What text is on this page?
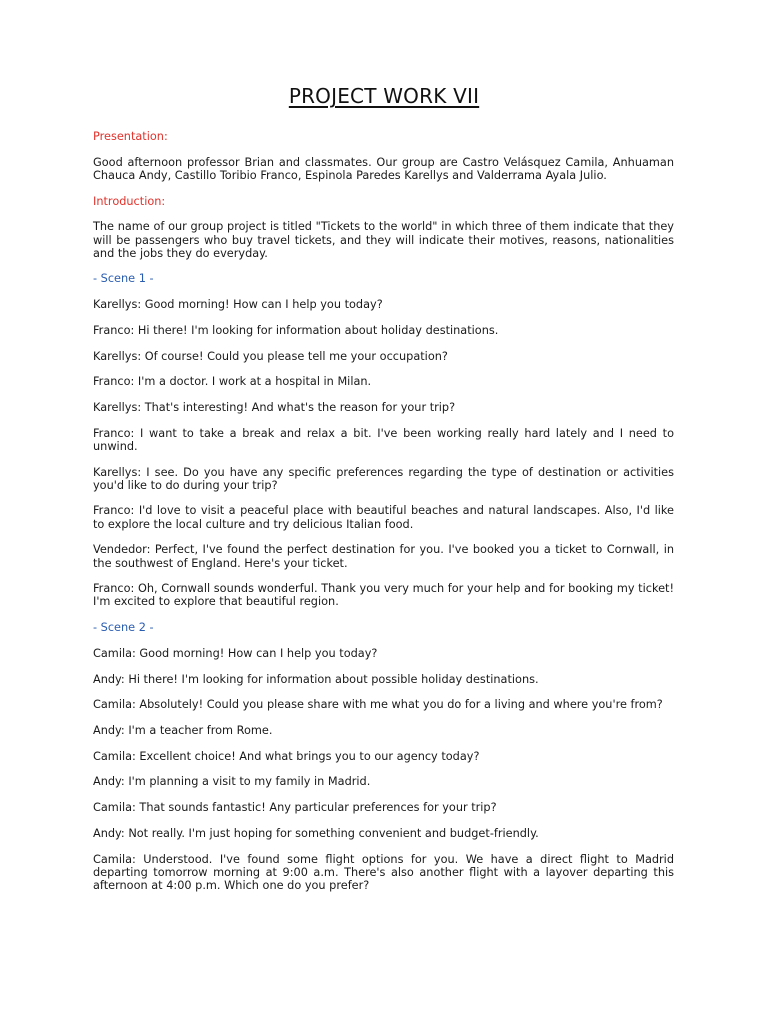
PROJECT WORK VII
Presentation:
Good afternoon professor Brian and classmates. Our group are Castro Velásquez Camila, Anhuaman Chauca Andy, Castillo Toribio Franco, Espinola Paredes Karellys and Valderrama Ayala Julio.
Introduction:
The name of our group project is titled "Tickets to the world" in which three of them indicate that they will be passengers who buy travel tickets, and they will indicate their motives, reasons, nationalities and the jobs they do everyday.
- Scene 1 -
Karellys: Good morning! How can I help you today?
Franco: Hi there! I'm looking for information about holiday destinations.
Karellys: Of course! Could you please tell me your occupation?
Franco: I'm a doctor. I work at a hospital in Milan.
Karellys: That's interesting! And what's the reason for your trip?
Franco: I want to take a break and relax a bit. I've been working really hard lately and I need to unwind.
Karellys: I see. Do you have any specific preferences regarding the type of destination or activities you'd like to do during your trip?
Franco: I'd love to visit a peaceful place with beautiful beaches and natural landscapes. Also, I'd like to explore the local culture and try delicious Italian food.
Vendedor: Perfect, I've found the perfect destination for you. I've booked you a ticket to Cornwall, in the southwest of England. Here's your ticket.
Franco: Oh, Cornwall sounds wonderful. Thank you very much for your help and for booking my ticket! I'm excited to explore that beautiful region.
- Scene 2 -
Camila: Good morning! How can I help you today?
Andy: Hi there! I'm looking for information about possible holiday destinations.
Camila: Absolutely! Could you please share with me what you do for a living and where you're from?
Andy: I'm a teacher from Rome.
Camila: Excellent choice! And what brings you to our agency today?
Andy: I'm planning a visit to my family in Madrid.
Camila: That sounds fantastic! Any particular preferences for your trip?
Andy: Not really. I'm just hoping for something convenient and budget-friendly.
Camila: Understood. I've found some flight options for you. We have a direct flight to Madrid departing tomorrow morning at 9:00 a.m. There's also another flight with a layover departing this afternoon at 4:00 p.m. Which one do you prefer?
